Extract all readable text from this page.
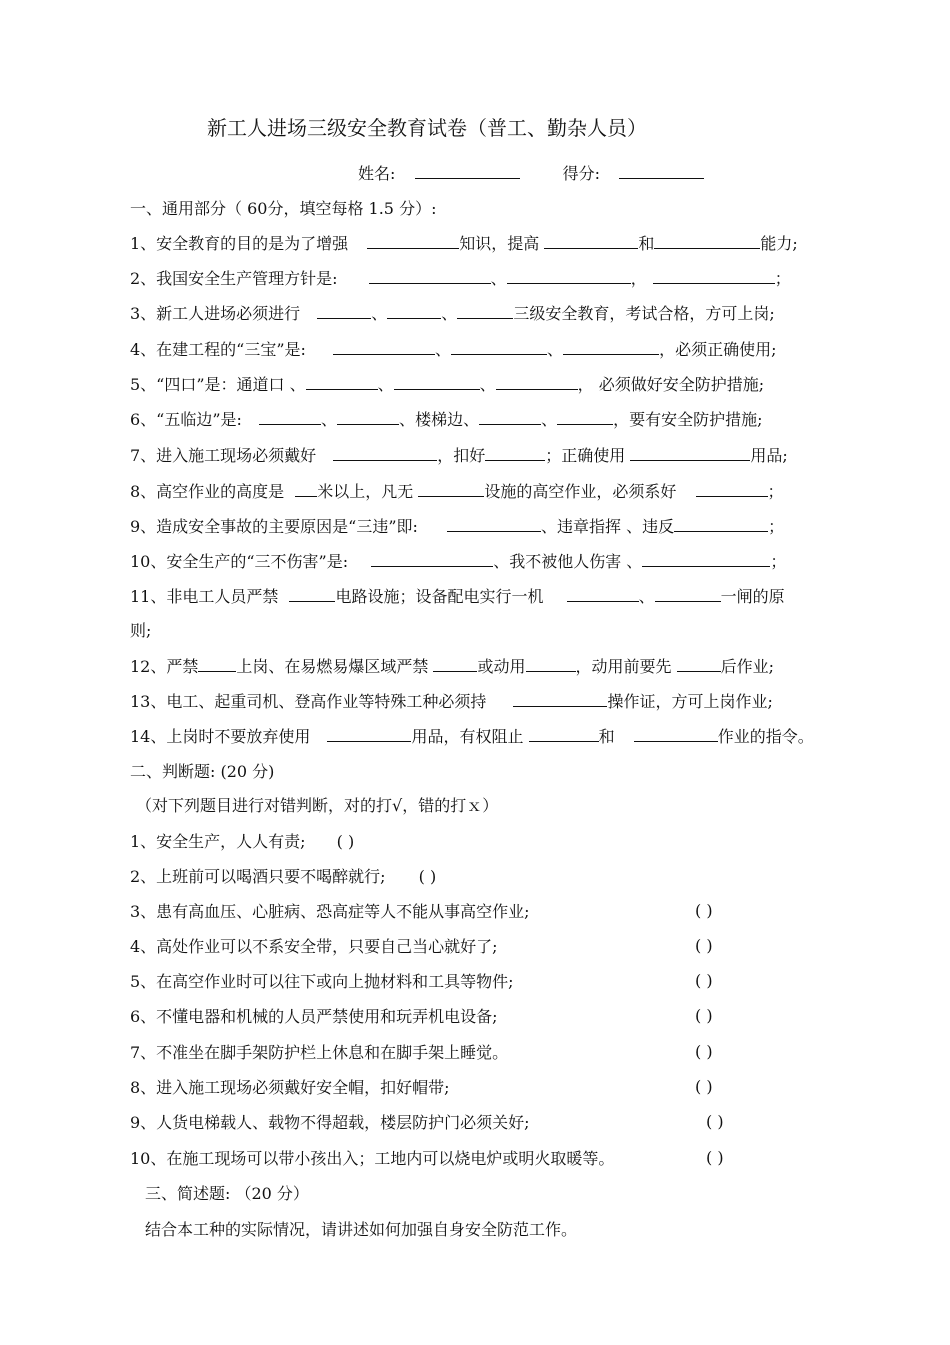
新工人进场三级安全教育试卷（普工、勤杂人员）
姓名:	得分:
一、通用部分（ 60分，填空每格 1.5 分）:
1、安全教育的目的是为了增强	知识，提高	和	能力;
2、我国安全生产管理方针是:	、	，	；
3、新工人进场必须进行	、	、	三级安全教育，考试合格，方可上岗;
4、在建工程的“三宝”是:	、	、	，必须正确使用;
5、“四口”是：通道口 、	、	、	， 必须做好安全防护措施;
6、“五临边”是:	、	、楼梯边、	、	，要有安全防护措施;
7、进入施工现场必须戴好	，扣好	；正确使用	用品;
8、高空作业的高度是 米以上，凡无	设施的高空作业，必须系好	；
9、造成安全事故的主要原因是“三违”即:	、违章指挥 、违反	；
10、安全生产的“三不伤害”是:	、我不被他人伤害 、	；
11、非电工人员严禁	电路设施；设备配电实行一机	、	一闸的原
则;
12、严禁 上岗、在易燃易爆区域严禁	或动用	，动用前要先	后作业;
13、电工、起重司机、登高作业等特殊工种必须持	操作证，方可上岗作业;
14、上岗时不要放弃使用	用品，有权阻止	和	作业的指令。
二、判断题: (20 分)
（对下列题目进行对错判断，对的打√，错的打ｘ）
1、安全生产，人人有责; ( )
2、上班前可以喝酒只要不喝醉就行; ( )
3、患有高血压、心脏病、恐高症等人不能从事高空作业;	( )
4、高处作业可以不系安全带，只要自己当心就好了;	( )
5、在高空作业时可以往下或向上抛材料和工具等物件;	( )
6、不懂电器和机械的人员严禁使用和玩弄机电设备;	( )
7、不准坐在脚手架防护栏上休息和在脚手架上睡觉。	( )
8、进入施工现场必须戴好安全帽，扣好帽带;	( )
9、人货电梯载人、载物不得超载，楼层防护门必须关好;	( )
10、在施工现场可以带小孩出入；工地内可以烧电炉或明火取暖等。	( )
三、简述题: （20 分）
结合本工种的实际情况，请讲述如何加强自身安全防范工作。
